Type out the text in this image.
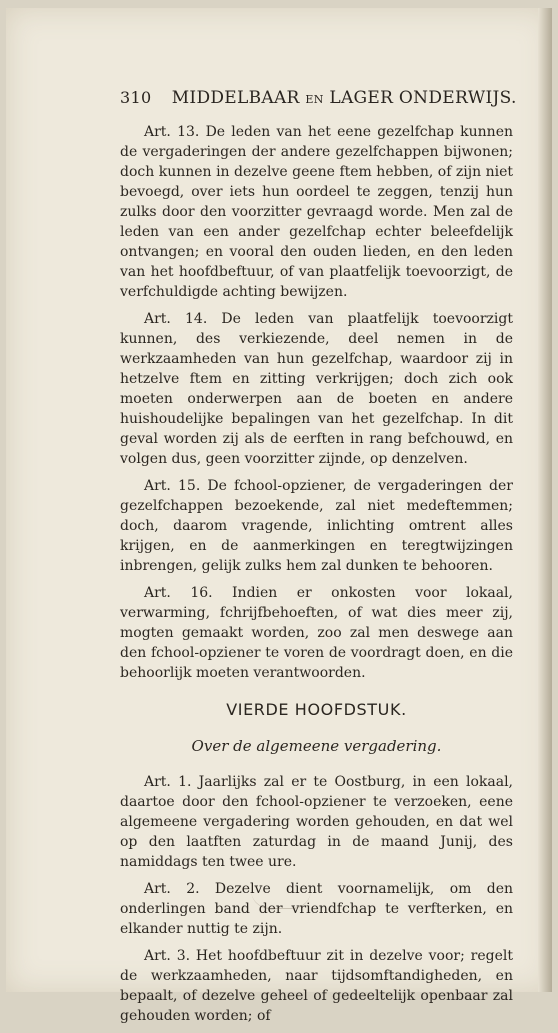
310 MIDDELBAAR EN LAGER ONDERWIJS.

Art. 13. De leden van het eene gezelfchap kunnen de vergaderingen der andere gezelfchappen bijwonen; doch kunnen in dezelve geene ftem hebben, of zijn niet bevoegd, over iets hun oordeel te zeggen, tenzij hun zulks door den voorzitter gevraagd worde. Men zal de leden van een ander gezelfchap echter beleefdelijk ontvangen; en vooral den ouden lieden, en den leden van het hoofdbeftuur, of van plaatfelijk toevoorzigt, de verfchuldigde achting bewijzen.

Art. 14. De leden van plaatfelijk toevoorzigt kunnen, des verkiezende, deel nemen in de werkzaamheden van hun gezelfchap, waardoor zij in hetzelve ftem en zitting verkrijgen; doch zich ook moeten onderwerpen aan de boeten en andere huishoudelijke bepalingen van het gezelfchap. In dit geval worden zij als de eerften in rang befchouwd, en volgen dus, geen voorzitter zijnde, op denzelven.

Art. 15. De fchool-opziener, de vergaderingen der gezelfchappen bezoekende, zal niet medeftemmen; doch, daarom vragende, inlichting omtrent alles krijgen, en de aanmerkingen en teregtwijzingen inbrengen, gelijk zulks hem zal dunken te behooren.

Art. 16. Indien er onkosten voor lokaal, verwarming, fchrijfbehoeften, of wat dies meer zij, mogten gemaakt worden, zoo zal men deswege aan den fchool-opziener te voren de voordragt doen, en die behoorlijk moeten verantwoorden.

VIERDE HOOFDSTUK.
Over de algemeene vergadering.

Art. 1. Jaarlijks zal er te Oostburg, in een lokaal, daartoe door den fchool-opziener te verzoeken, eene algemeene vergadering worden gehouden, en dat wel op den laatften zaturdag in de maand Junij, des namiddags ten twee ure.

Art. 2. Dezelve dient voornamelijk, om den onderlingen band der vriendfchap te verfterken, en elkander nuttig te zijn.

Art. 3. Het hoofdbeftuur zit in dezelve voor; regelt de werkzaamheden, naar tijdsomftandigheden, en bepaalt, of dezelve geheel of gedeeltelijk openbaar zal gehouden worden; of
